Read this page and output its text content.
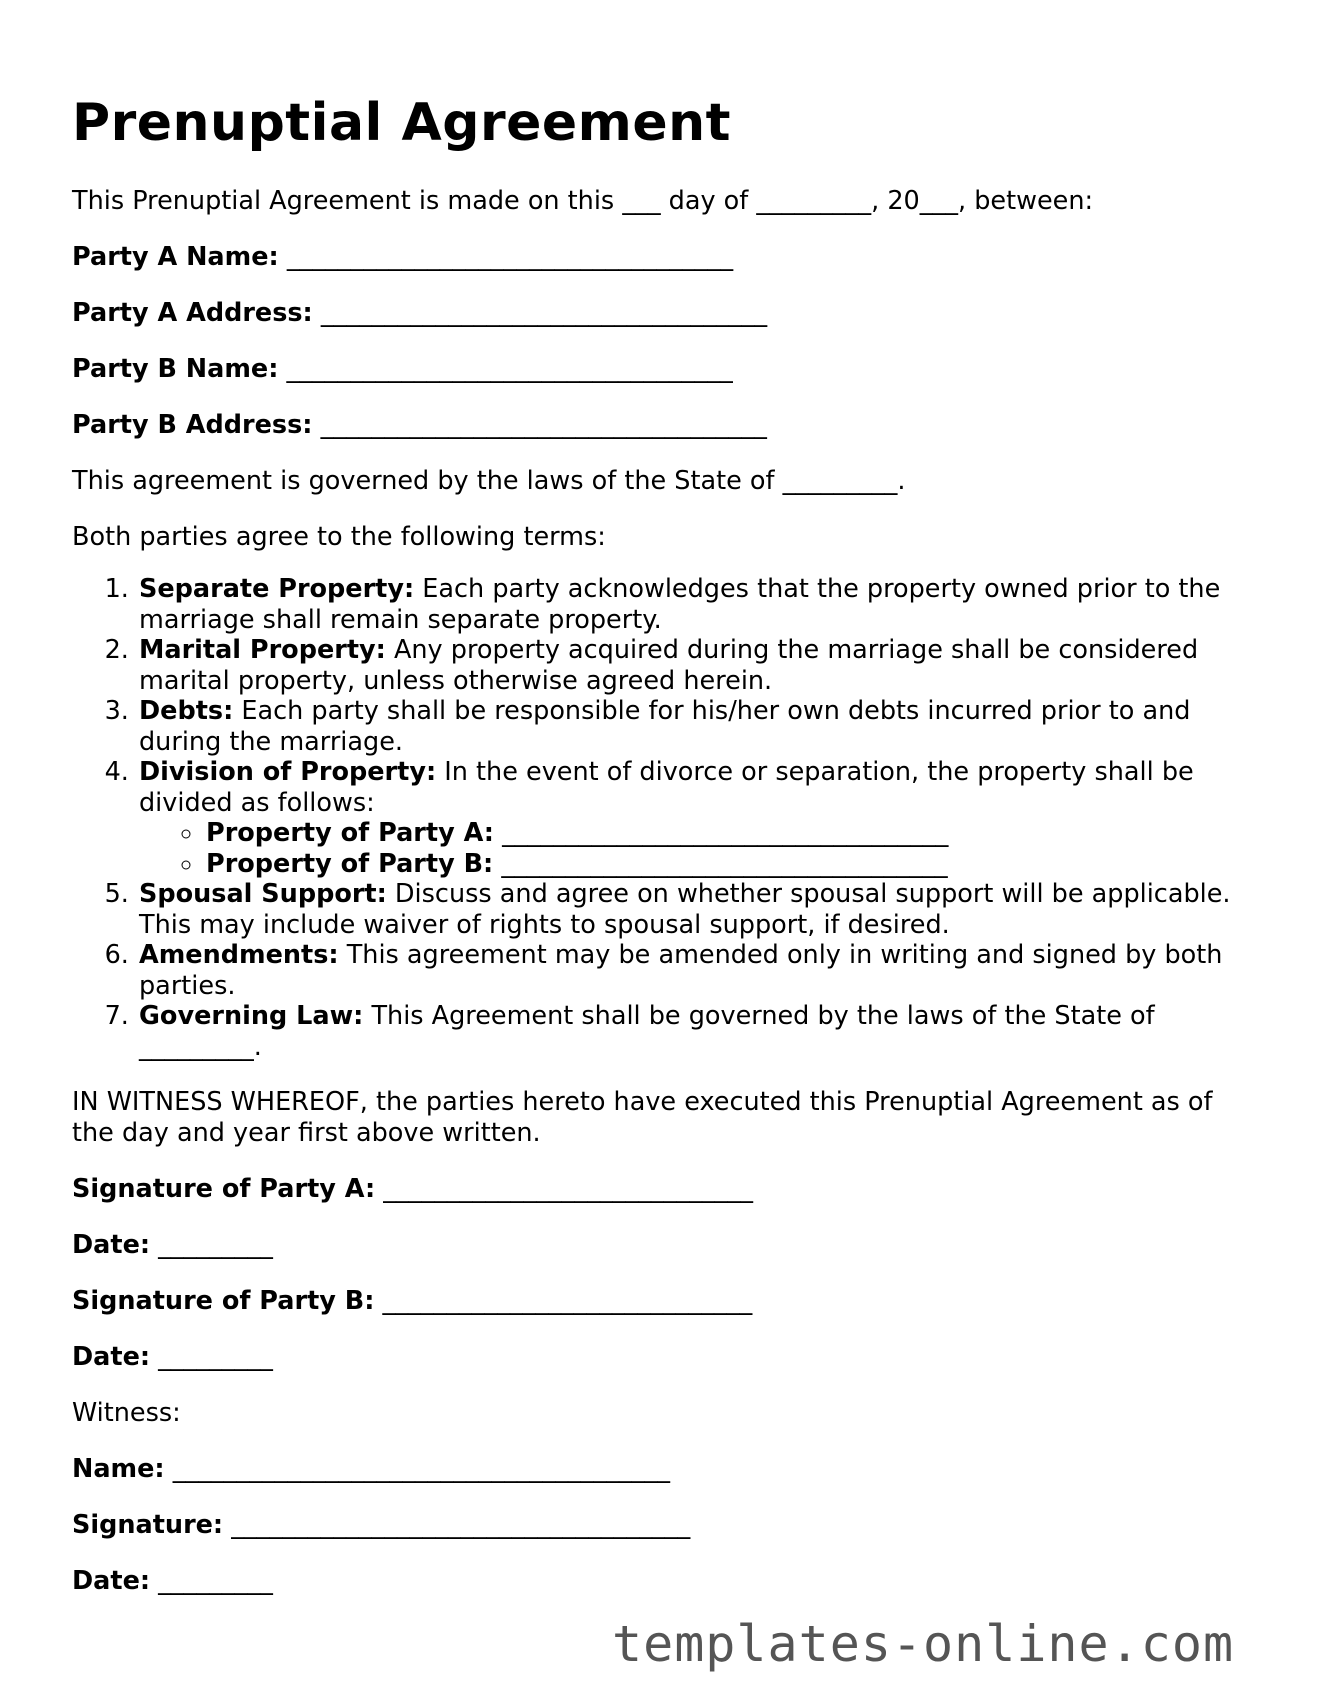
Prenuptial Agreement

This Prenuptial Agreement is made on this ___ day of _________, 20___, between:

Party A Name: ___________________________________

Party A Address: ___________________________________

Party B Name: ___________________________________

Party B Address: ___________________________________

This agreement is governed by the laws of the State of _________.

Both parties agree to the following terms:

1. Separate Property: Each party acknowledges that the property owned prior to the marriage shall remain separate property.
2. Marital Property: Any property acquired during the marriage shall be considered marital property, unless otherwise agreed herein.
3. Debts: Each party shall be responsible for his/her own debts incurred prior to and during the marriage.
4. Division of Property: In the event of divorce or separation, the property shall be divided as follows:
◦ Property of Party A: ___________________________________
◦ Property of Party B: ___________________________________
5. Spousal Support: Discuss and agree on whether spousal support will be applicable. This may include waiver of rights to spousal support, if desired.
6. Amendments: This agreement may be amended only in writing and signed by both parties.
7. Governing Law: This Agreement shall be governed by the laws of the State of _________.

IN WITNESS WHEREOF, the parties hereto have executed this Prenuptial Agreement as of the day and year first above written.

Signature of Party A: _____________________________

Date: _________

Signature of Party B: _____________________________

Date: _________

Witness:

Name: _______________________________________

Signature: ____________________________________

Date: _________

templates-online.com
